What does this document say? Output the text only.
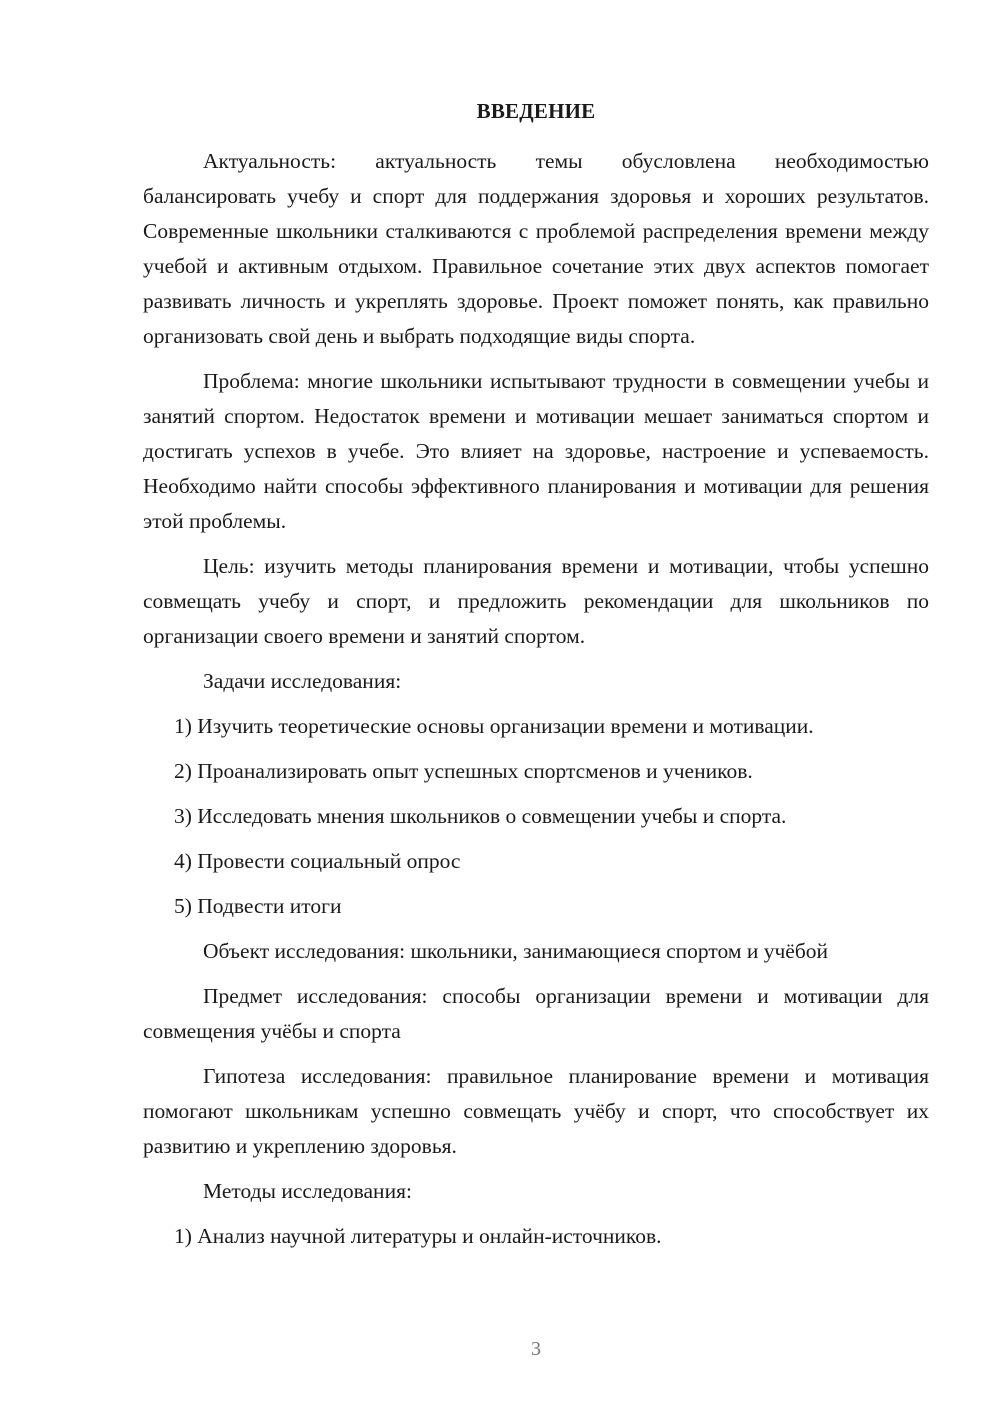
ВВЕДЕНИЕ

Актуальность: актуальность темы обусловлена необходимостью балансировать учебу и спорт для поддержания здоровья и хороших результатов. Современные школьники сталкиваются с проблемой распределения времени между учебой и активным отдыхом. Правильное сочетание этих двух аспектов помогает развивать личность и укреплять здоровье. Проект поможет понять, как правильно организовать свой день и выбрать подходящие виды спорта.

Проблема: многие школьники испытывают трудности в совмещении учебы и занятий спортом. Недостаток времени и мотивации мешает заниматься спортом и достигать успехов в учебе. Это влияет на здоровье, настроение и успеваемость. Необходимо найти способы эффективного планирования и мотивации для решения этой проблемы.

Цель: изучить методы планирования времени и мотивации, чтобы успешно совмещать учебу и спорт, и предложить рекомендации для школьников по организации своего времени и занятий спортом.

Задачи исследования:

1) Изучить теоретические основы организации времени и мотивации.

2) Проанализировать опыт успешных спортсменов и учеников.

3) Исследовать мнения школьников о совмещении учебы и спорта.

4) Провести социальный опрос

5) Подвести итоги

Объект исследования: школьники, занимающиеся спортом и учёбой

Предмет исследования: способы организации времени и мотивации для совмещения учёбы и спорта

Гипотеза исследования: правильное планирование времени и мотивация помогают школьникам успешно совмещать учёбу и спорт, что способствует их развитию и укреплению здоровья.

Методы исследования:

1) Анализ научной литературы и онлайн-источников.

3
